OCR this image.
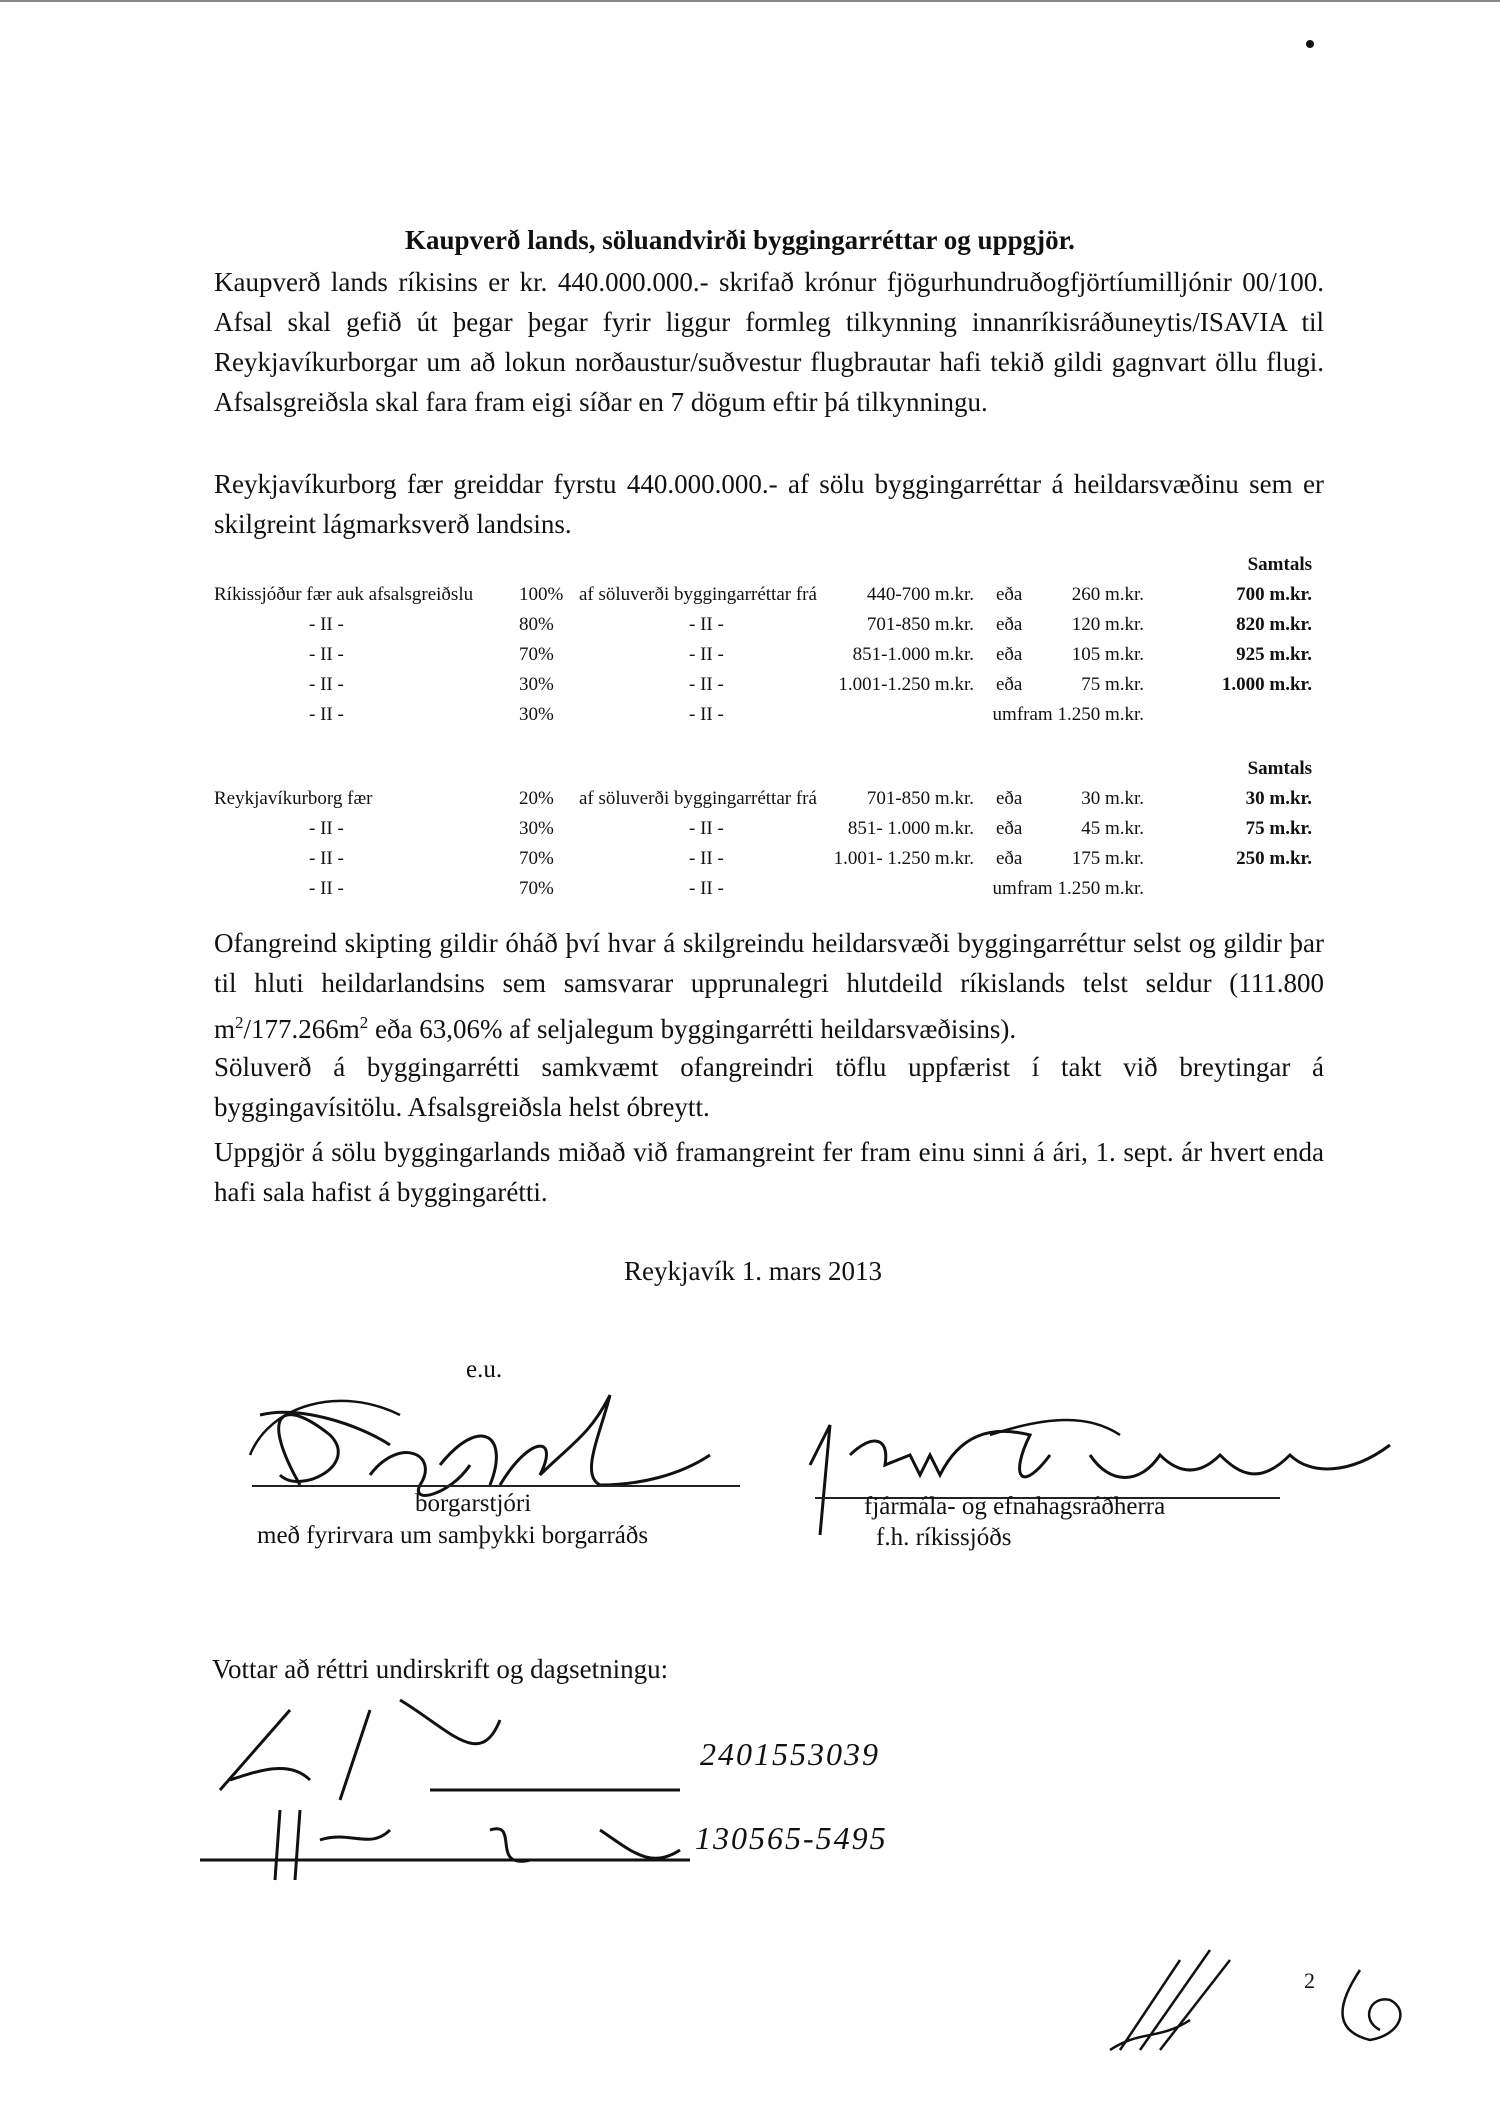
Kaupverð lands, söluandvirði byggingarréttar og uppgjör.
Kaupverð lands ríkisins er kr. 440.000.000.- skrifað krónur fjögurhundruðogfjörtíumilljónir 00/100. Afsal skal gefið út þegar þegar fyrir liggur formleg tilkynning innanríkisráðuneytis/ISAVIA til Reykjavíkurborgar um að lokun norðaustur/suðvestur flugbrautar hafi tekið gildi gagnvart öllu flugi. Afsalsgreiðsla skal fara fram eigi síðar en 7 dögum eftir þá tilkynningu.
Reykjavíkurborg fær greiddar fyrstu 440.000.000.- af sölu byggingarréttar á heildarsvæðinu sem er skilgreint lágmarksverð landsins.
Samtals
Ríkissjóður fær auk afsalsgreiðslu	100% af söluverði byggingarréttar frá	440-700 m.kr. eða	260 m.kr.	700 m.kr.
- II -	80%	- II -	701-850 m.kr. eða	120 m.kr.	820 m.kr.
- II -	70%	- II -	851-1.000 m.kr. eða	105 m.kr.	925 m.kr.
- II -	30%	- II -	1.001-1.250 m.kr. eða	75 m.kr.	1.000 m.kr.
- II -	30%	- II -	umfram 1.250 m.kr.
Samtals
Reykjavíkurborg fær	20%	af söluverði byggingarréttar frá	701-850 m.kr. eða	30 m.kr.	30 m.kr.
- II -	30%	- II -	851- 1.000 m.kr. eða	45 m.kr.	75 m.kr.
- II -	70%	- II -	1.001- 1.250 m.kr. eða	175 m.kr.	250 m.kr.
- II -	70%	- II -	umfram 1.250 m.kr.
Ofangreind skipting gildir óháð því hvar á skilgreindu heildarsvæði byggingarréttur selst og gildir þar til hluti heildarlandsins sem samsvarar upprunalegri hlutdeild ríkislands telst seldur (111.800 $m^2/177.266m^2$ eða 63,06% af seljalegum byggingarrétti heildarsvæðisins).
Söluverð á byggingarrétti samkvæmt ofangreindri töflu uppfærist í takt við breytingar á byggingavísitölu. Afsalsgreiðsla helst óbreytt.
Uppgjör á sölu byggingarlands miðað við framangreint fer fram einu sinni á ári, 1. sept. ár hvert enda hafi sala hafist á byggingarétti.
Reykjavík 1. mars 2013
e.u.
borgarstjóri
með fyrirvara um samþykki borgarráðs
fjármála- og efnahagsráðherra
f.h. ríkissjóðs
Vottar að réttri undirskrift og dagsetningu:
2401553039
130565-5495
2
